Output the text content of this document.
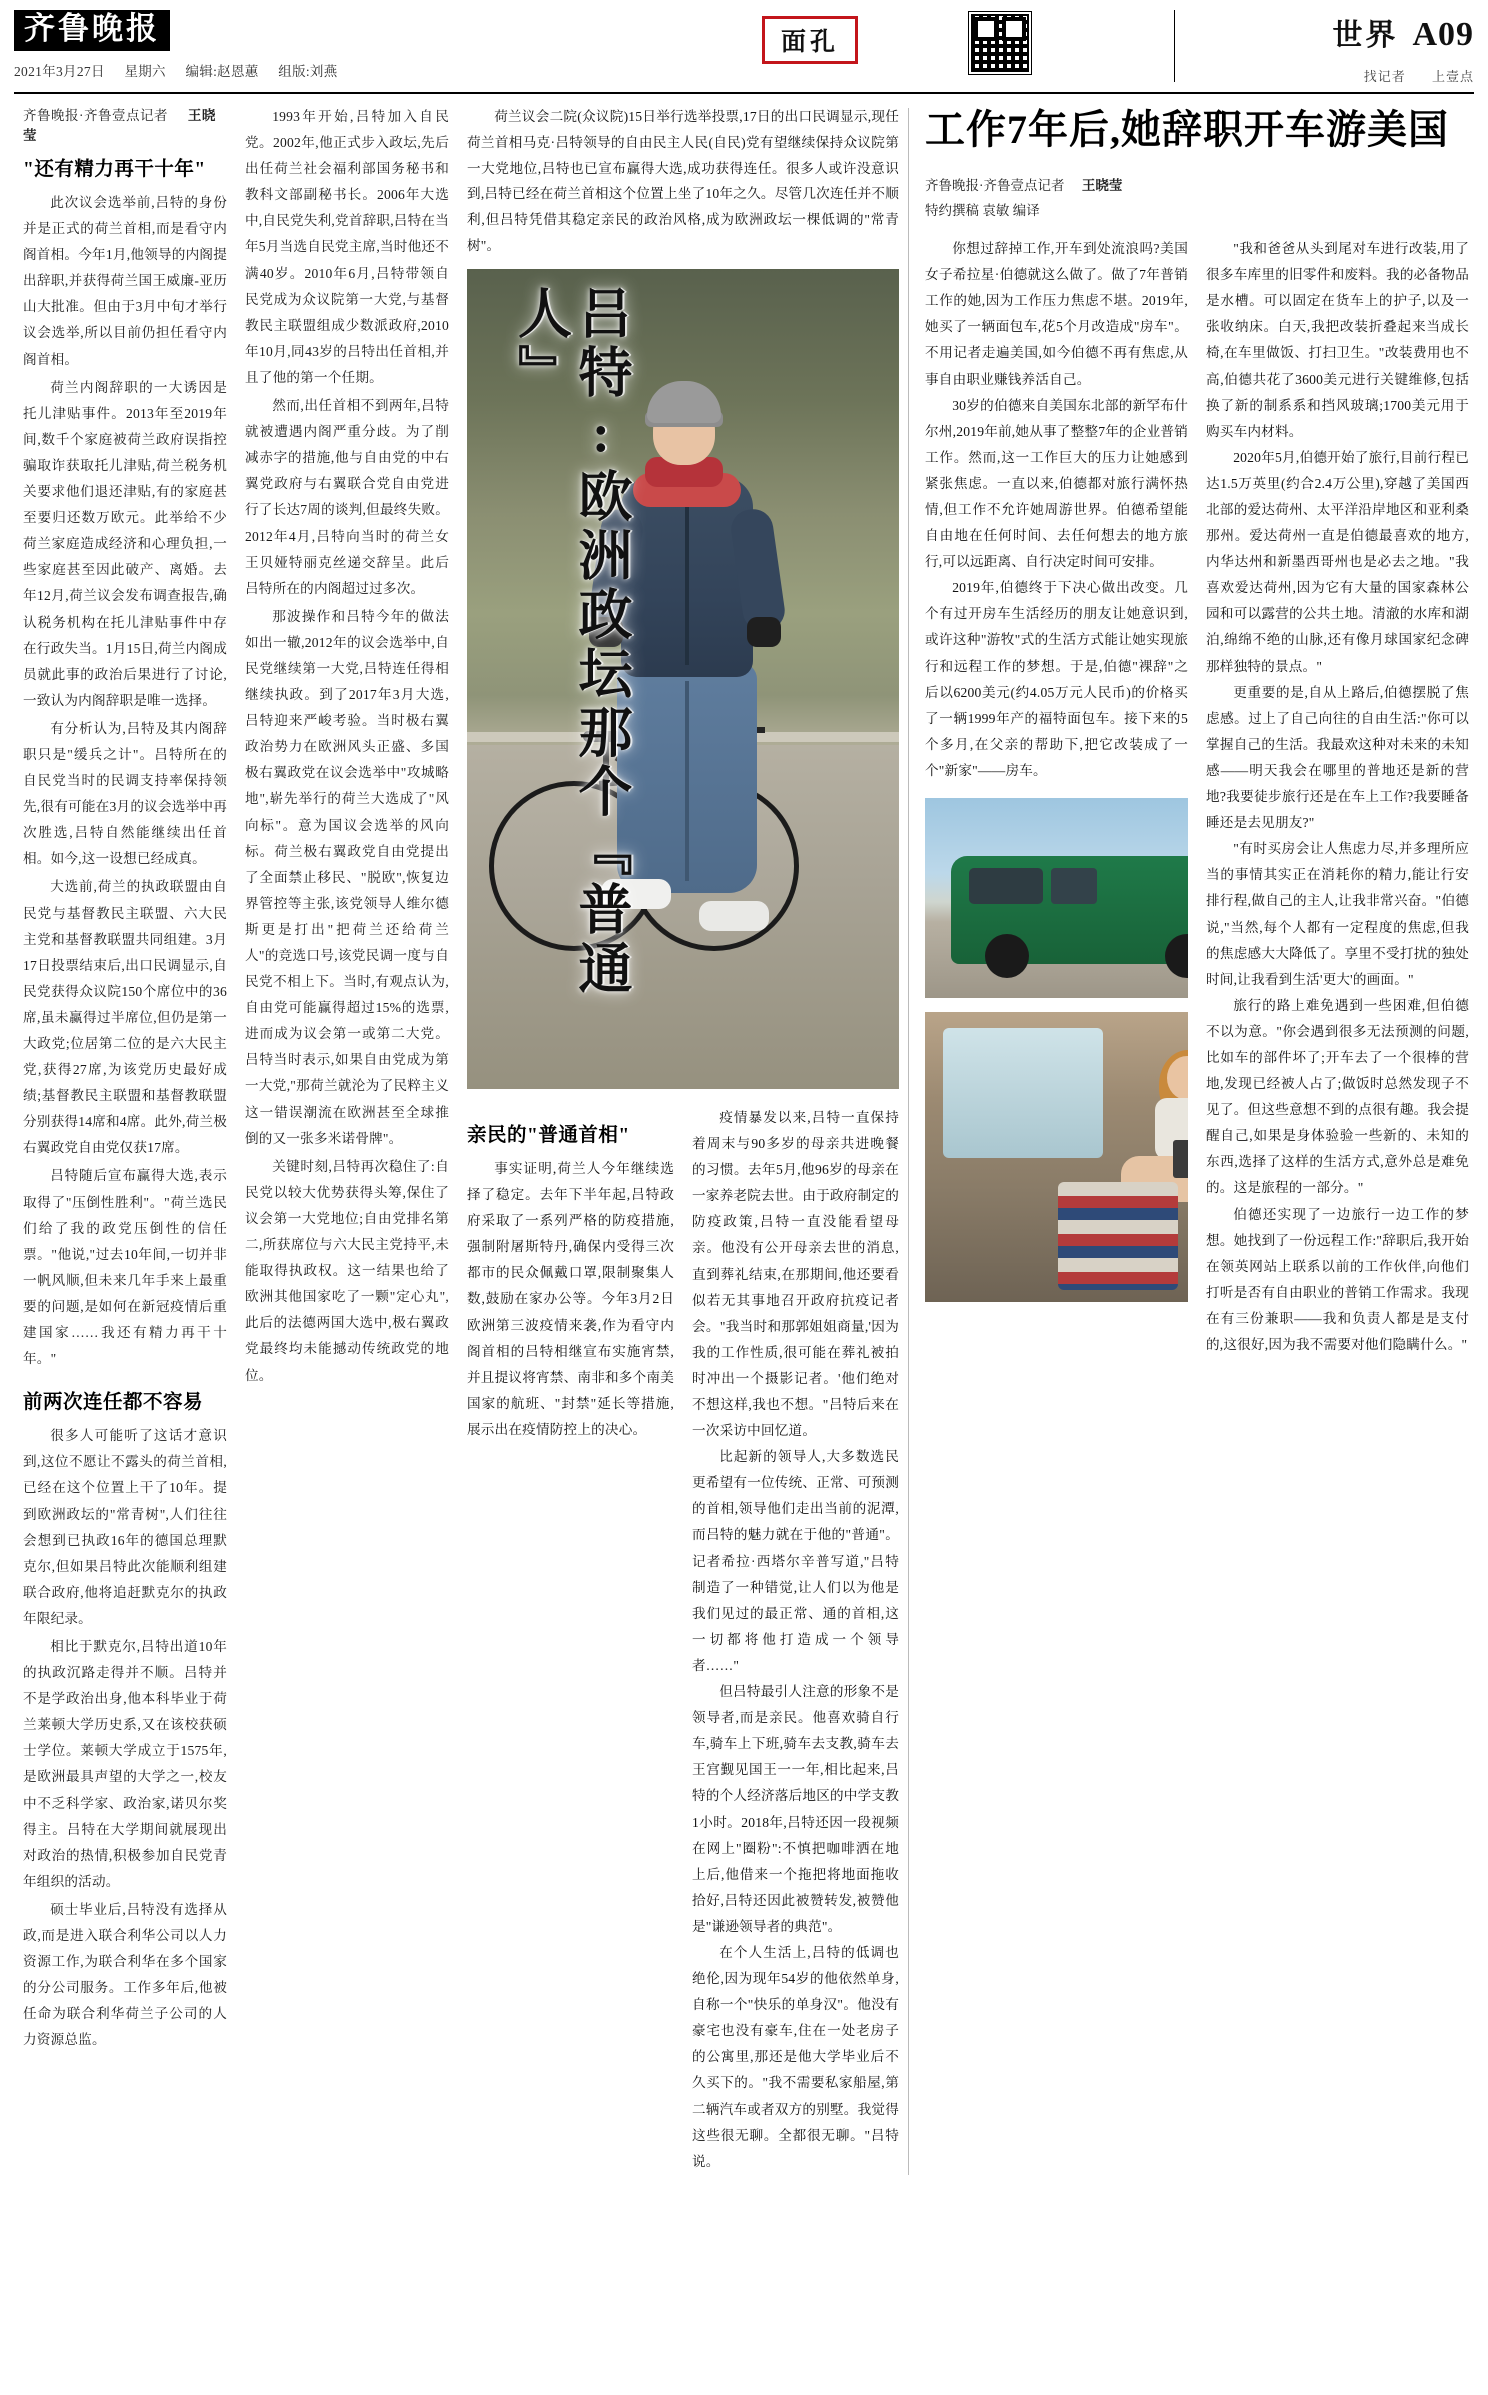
齐鲁晚报
2021年3月27日 星期六 编辑:赵恩蕙 组版:刘燕
面孔	世界 A09
找记者 上壹点
齐鲁晚报·齐鲁壹点记者 王晓莹
"还有精力再干十年"

此次议会选举前,吕特的身份并是正式的荷兰首相,而是看守内阁首相。今年1月,他领导的内阁提出辞职,并获得荷兰国王威廉-亚历山大批准。但由于3月中旬才举行议会选举,所以目前仍担任看守内阁首相。

荷兰内阁辞职的一大诱因是托儿津贴事件。2013年至2019年间,数千个家庭被荷兰政府误指控骗取诈获取托儿津贴,荷兰税务机关要求他们退还津贴,有的家庭甚至要归还数万欧元。此举给不少荷兰家庭造成经济和心理负担,一些家庭甚至因此破产、离婚。去年12月,荷兰议会发布调查报告,确认税务机构在托儿津贴事件中存在行政失当。1月15日,荷兰内阁成员就此事的政治后果进行了讨论,一致认为内阁辞职是唯一选择。

有分析认为,吕特及其内阁辞职只是"缓兵之计"。吕特所在的自民党当时的民调支持率保持领先,很有可能在3月的议会选举中再次胜选,吕特自然能继续出任首相。如今,这一设想已经成真。

大选前,荷兰的执政联盟由自民党与基督教民主联盟、六大民主党和基督教联盟共同组建。3月17日投票结束后,出口民调显示,自民党获得众议院150个席位中的36席,虽未赢得过半席位,但仍是第一大政党;位居第二位的是六大民主党,获得27席,为该党历史最好成绩;基督教民主联盟和基督教联盟分别获得14席和4席。此外,荷兰极右翼政党自由党仅获17席。

吕特随后宣布赢得大选,表示取得了"压倒性胜利"。"荷兰选民们给了我的政党压倒性的信任票。"他说,"过去10年间,一切并非一帆风顺,但未来几年手来上最重要的问题,是如何在新冠疫情后重建国家……我还有精力再干十年。"

前两次连任都不容易

很多人可能听了这话才意识到,这位不愿让不露头的荷兰首相,已经在这个位置上干了10年。提到欧洲政坛的"常青树",人们往往会想到已执政16年的德国总理默克尔,但如果吕特此次能顺利组建联合政府,他将追赶默克尔的执政年限纪录。

相比于默克尔,吕特出道10年的执政沉路走得并不顺。吕特并不是学政治出身,他本科毕业于荷兰莱顿大学历史系,又在该校获硕士学位。莱顿大学成立于1575年,是欧洲最具声望的大学之一,校友中不乏科学家、政治家,诺贝尔奖得主。吕特在大学期间就展现出对政治的热情,积极参加自民党青年组织的活动。

硕士毕业后,吕特没有选择从政,而是进入联合利华公司以人力资源工作,为联合利华在多个国家的分公司服务。工作多年后,他被任命为联合利华荷兰子公司的人力资源总监。

1993年开始,吕特加入自民党。2002年,他正式步入政坛,先后出任荷兰社会福利部国务秘书和教科文部副秘书长。2006年大选中,自民党失利,党首辞职,吕特在当年5月当选自民党主席,当时他还不满40岁。2010年6月,吕特带领自民党成为众议院第一大党,与基督教民主联盟组成少数派政府,2010年10月,同43岁的吕特出任首相,并且了他的第一个任期。

然而,出任首相不到两年,吕特就被遭遇内阁严重分歧。为了削减赤字的措施,他与自由党的中右翼党政府与右翼联合党自由党进行了长达7周的谈判,但最终失败。2012年4月,吕特向当时的荷兰女王贝娅特丽克丝递交辞呈。此后吕特所在的内阁超过过多次。

那波操作和吕特今年的做法如出一辙,2012年的议会选举中,自民党继续第一大党,吕特连任得相继续执政。到了2017年3月大选,吕特迎来严峻考验。当时极右翼政治势力在欧洲风头正盛、多国极右翼政党在议会选举中"攻城略地",崭先举行的荷兰大选成了"风向标"。意为国议会选举的风向标。荷兰极右翼政党自由党提出了全面禁止移民、"脱欧",恢复边界管控等主张,该党领导人维尔德斯更是打出"把荷兰还给荷兰人"的竞选口号,该党民调一度与自民党不相上下。当时,有观点认为,自由党可能赢得超过15%的选票,进而成为议会第一或第二大党。吕特当时表示,如果自由党成为第一大党,"那荷兰就沦为了民粹主义这一错误潮流在欧洲甚至全球推倒的又一张多米诺骨牌"。

关键时刻,吕特再次稳住了:自民党以较大优势获得头筹,保住了议会第一大党地位;自由党排名第二,所获席位与六大民主党持平,未能取得执政权。这一结果也给了欧洲其他国家吃了一颗"定心丸",此后的法德两国大选中,极右翼政党最终均未能撼动传统政党的地位。

荷兰议会二院(众议院)15日举行选举投票,17日的出口民调显示,现任荷兰首相马克·吕特领导的自由民主人民(自民)党有望继续保持众议院第一大党地位,吕特也已宣布赢得大选,成功获得连任。很多人或许没意识到,吕特已经在荷兰首相这个位置上坐了10年之久。尽管几次连任并不顺利,但吕特凭借其稳定亲民的政治风格,成为欧洲政坛一棵低调的"常青树"。
吕特:欧洲政坛那个『普通人』

亲民的"普通首相"

事实证明,荷兰人今年继续选择了稳定。去年下半年起,吕特政府采取了一系列严格的防疫措施,强制附屠斯特丹,确保内受得三次都市的民众佩戴口罩,限制聚集人数,鼓励在家办公等。今年3月2日欧洲第三波疫情来袭,作为看守内阁首相的吕特相继宣布实施宵禁,并且提议将宵禁、南非和多个南美国家的航班、"封禁"延长等措施,展示出在疫情防控上的决心。

疫情暴发以来,吕特一直保持着周末与90多岁的母亲共进晚餐的习惯。去年5月,他96岁的母亲在一家养老院去世。由于政府制定的防疫政策,吕特一直没能看望母亲。他没有公开母亲去世的消息,直到葬礼结束,在那期间,他还要看似若无其事地召开政府抗疫记者会。"我当时和那郭姐姐商量,'因为我的工作性质,很可能在葬礼被拍时冲出一个摄影记者。'他们绝对不想这样,我也不想。"吕特后来在一次采访中回忆道。

比起新的领导人,大多数选民更希望有一位传统、正常、可预测的首相,领导他们走出当前的泥潭,而吕特的魅力就在于他的"普通"。记者希拉·西塔尔辛普写道,"吕特制造了一种错觉,让人们以为他是我们见过的最正常、通的首相,这一切都将他打造成一个领导者……"

但吕特最引人注意的形象不是领导者,而是亲民。他喜欢骑自行车,骑车上下班,骑车去支教,骑车去王宫觐见国王一一年,相比起来,吕特的个人经济落后地区的中学支教1小时。2018年,吕特还因一段视频在网上"圈粉":不慎把咖啡洒在地上后,他借来一个拖把将地面拖收拾好,吕特还因此被赞转发,被赞他是"谦逊领导者的典范"。

在个人生活上,吕特的低调也绝伦,因为现年54岁的他依然单身,自称一个"快乐的单身汉"。他没有豪宅也没有豪车,住在一处老房子的公寓里,那还是他大学毕业后不久买下的。"我不需要私家船屋,第二辆汽车或者双方的别墅。我觉得这些很无聊。全都很无聊。"吕特说。

工作7年后,她辞职开车游美国
齐鲁晚报·齐鲁壹点记者 王晓莹
特约撰稿 袁敏 编译

你想过辞掉工作,开车到处流浪吗?美国女子希拉星·伯德就这么做了。做了7年普销工作的她,因为工作压力焦虑不堪。2019年,她买了一辆面包车,花5个月改造成"房车"。不用记者走遍美国,如今伯德不再有焦虑,从事自由职业赚钱养活自己。

30岁的伯德来自美国东北部的新罕布什尔州,2019年前,她从事了整整7年的企业普销工作。然而,这一工作巨大的压力让她感到紧张焦虑。一直以来,伯德都对旅行满怀热情,但工作不允许她周游世界。伯德希望能自由地在任何时间、去任何想去的地方旅行,可以远距离、自行决定时间可安排。

2019年,伯德终于下决心做出改变。几个有过开房车生活经历的朋友让她意识到,或许这种"游牧"式的生活方式能让她实现旅行和远程工作的梦想。于是,伯德"裸辞"之后以6200美元(约4.05万元人民币)的价格买了一辆1999年产的福特面包车。接下来的5个多月,在父亲的帮助下,把它改装成了一个"新家"——房车。

"我和爸爸从头到尾对车进行改装,用了很多车库里的旧零件和废料。我的必备物品是水槽。可以固定在货车上的护子,以及一张收纳床。白天,我把改装折叠起来当成长椅,在车里做饭、打扫卫生。"改装费用也不高,伯德共花了3600美元进行关键维修,包括换了新的制系系和挡风玻璃;1700美元用于购买车内材料。

2020年5月,伯德开始了旅行,目前行程已达1.5万英里(约合2.4万公里),穿越了美国西北部的爱达荷州、太平洋沿岸地区和亚利桑那州。爱达荷州一直是伯德最喜欢的地方,内华达州和新墨西哥州也是必去之地。"我喜欢爱达荷州,因为它有大量的国家森林公园和可以露营的公共土地。清澈的水库和湖泊,绵绵不绝的山脉,还有像月球国家纪念碑那样独特的景点。"

更重要的是,自从上路后,伯德摆脱了焦虑感。过上了自己向往的自由生活:"你可以掌握自己的生活。我最欢这种对未来的未知感——明天我会在哪里的普地还是新的营地?我要徒步旅行还是在车上工作?我要睡备睡还是去见朋友?"

"有时买房会让人焦虑力尽,并多理所应当的事情其实正在消耗你的精力,能让行安排行程,做自己的主人,让我非常兴奋。"伯德说,"当然,每个人都有一定程度的焦虑,但我的焦虑感大大降低了。享里不受打扰的独处时间,让我看到生活'更大'的画面。"

旅行的路上难免遇到一些困难,但伯德不以为意。"你会遇到很多无法预测的问题,比如车的部件坏了;开车去了一个很棒的营地,发现已经被人占了;做饭时总然发现子不见了。但这些意想不到的点很有趣。我会提醒自己,如果是身体验验一些新的、未知的东西,选择了这样的生活方式,意外总是难免的。这是旅程的一部分。"

伯德还实现了一边旅行一边工作的梦想。她找到了一份远程工作:"辞职后,我开始在领英网站上联系以前的工作伙伴,向他们打听是否有自由职业的普销工作需求。我现在有三份兼职——我和负责人都是是支付的,这很好,因为我不需要对他们隐瞒什么。"
